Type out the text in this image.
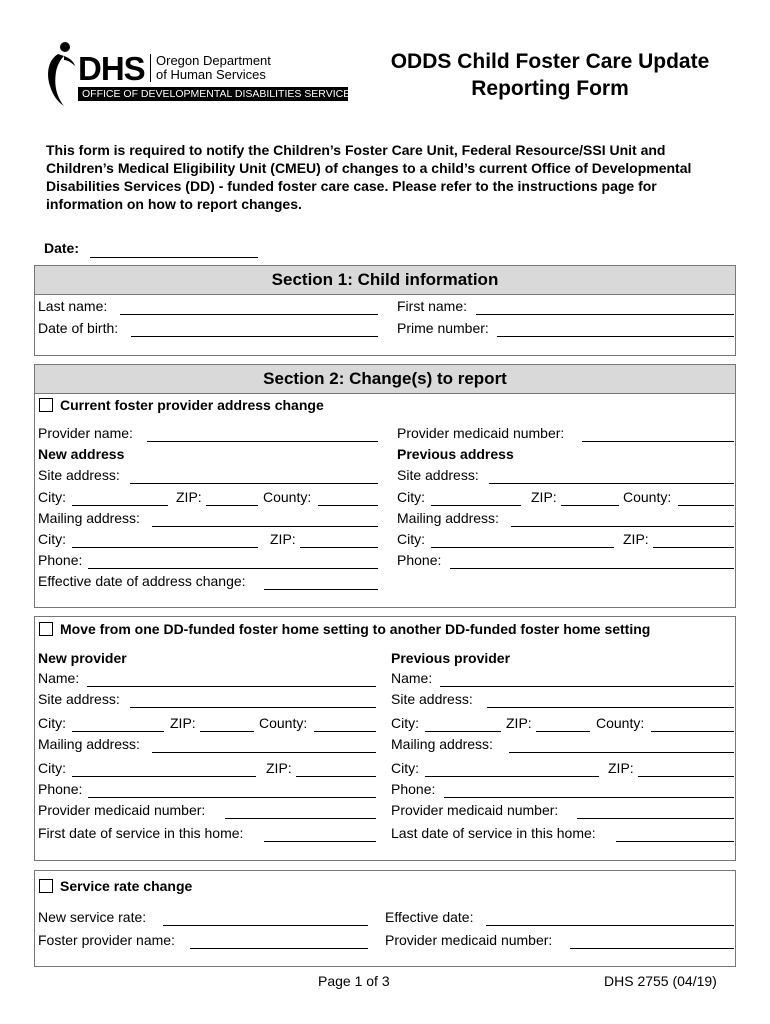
DHS Oregon Department
of Human Services
OFFICE OF DEVELOPMENTAL DISABILITIES SERVICES
ODDS Child Foster Care Update
Reporting Form
This form is required to notify the Children’s Foster Care Unit, Federal Resource/SSI Unit and Children’s Medical Eligibility Unit (CMEU) of changes to a child’s current Office of Developmental Disabilities Services (DD) - funded foster care case. Please refer to the instructions page for information on how to report changes.
Date:
Section 1: Child information
Last name:	First name:
Date of birth:	Prime number:
Section 2: Change(s) to report
Current foster provider address change
Provider name:	Provider medicaid number:
New address	Previous address
Site address:	Site address:
City:	ZIP:	County:	City:	ZIP:	County:
Mailing address:	Mailing address:
City:	ZIP:	City:	ZIP:
Phone:	Phone:
Effective date of address change:
Move from one DD-funded foster home setting to another DD-funded foster home setting
New provider	Previous provider
Name:	Name:
Site address:	Site address:
City:	ZIP:	County:	City:	ZIP:	County:
Mailing address:	Mailing address:
City:	ZIP:	City:	ZIP:
Phone:	Phone:
Provider medicaid number:	Provider medicaid number:
First date of service in this home:	Last date of service in this home:
Service rate change
New service rate:	Effective date:
Foster provider name:	Provider medicaid number:
Page 1 of 3	DHS 2755 (04/19)
